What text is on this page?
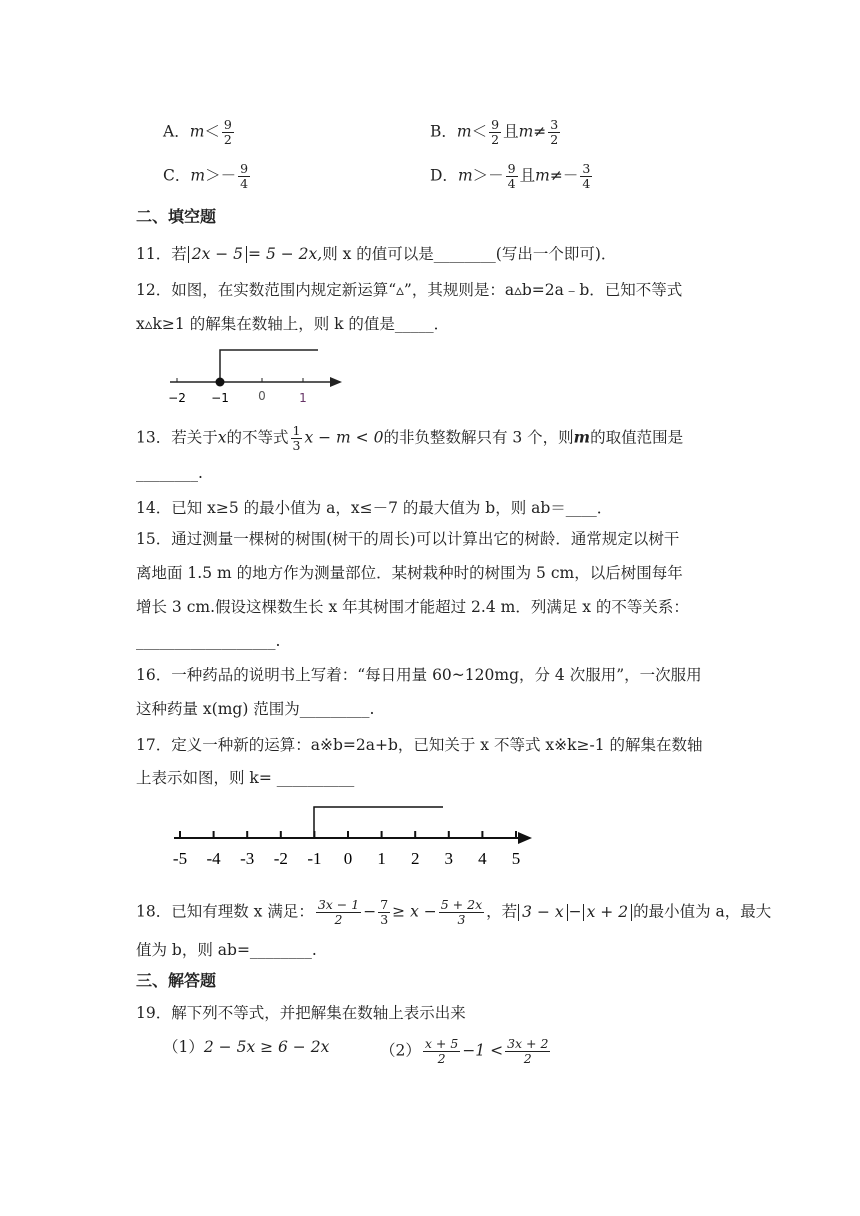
A．$m< \frac{9}{2}$	B．$m< \frac{9}{2}$ 且$m\ne \frac{3}{2}$
C．$m>- \frac{9}{4}$	D．$m>- \frac{9}{4}$ 且$m\ne- \frac{3}{4}$
二、填空题
11．若 2x − 5 = 5 − 2x,则 x 的值可以是________(写出一个即可)．
12．如图，在实数范围内规定新运算“▵”，其规则是：a▵b=2a﹣b．已知不等式
x▵k≥1 的解集在数轴上，则 k 的值是_____．
−2 −1 0	1
13．若关于x的不等式 $\frac{1}{3}$ x − m < 0的非负整数解只有 3 个，则m的取值范围是
________.
14．已知 x≥5 的最小值为 a，x≤－7 的最大值为 b，则 ab＝____．
15．通过测量一棵树的树围(树干的周长)可以计算出它的树龄．通常规定以树干
离地面 1.5 m 的地方作为测量部位．某树栽种时的树围为 5 cm，以后树围每年
增长 3 cm.假设这棵数生长 x 年其树围才能超过 2.4 m．列满足 x 的不等关系：
__________________.
16．一种药品的说明书上写着：“每日用量 60~120mg，分 4 次服用”，一次服用
这种药量 x(mg) 范围为_________.
17．定义一种新的运算：a※b=2a+b，已知关于 x 不等式 x※k≥-1 的解集在数轴
上表示如图，则 k= __________
-5 -4 -3 -2 -1 0 1 2 3 4 5
18．已知有理数 x 满足： $\frac{3x - 1}{2} - \frac{7}{3} \ge x - \frac{5 + 2x}{3}$ ，若 3 − x − x + 2 的最小值为 a，最大
值为 b，则 ab=________.
三、解答题
19．解下列不等式，并把解集在数轴上表示出来
（1）2 − 5x ≥ 6 − 2x	$(2) \frac{x + 5}{2} -1 < \frac{3x + 2}{2}$
